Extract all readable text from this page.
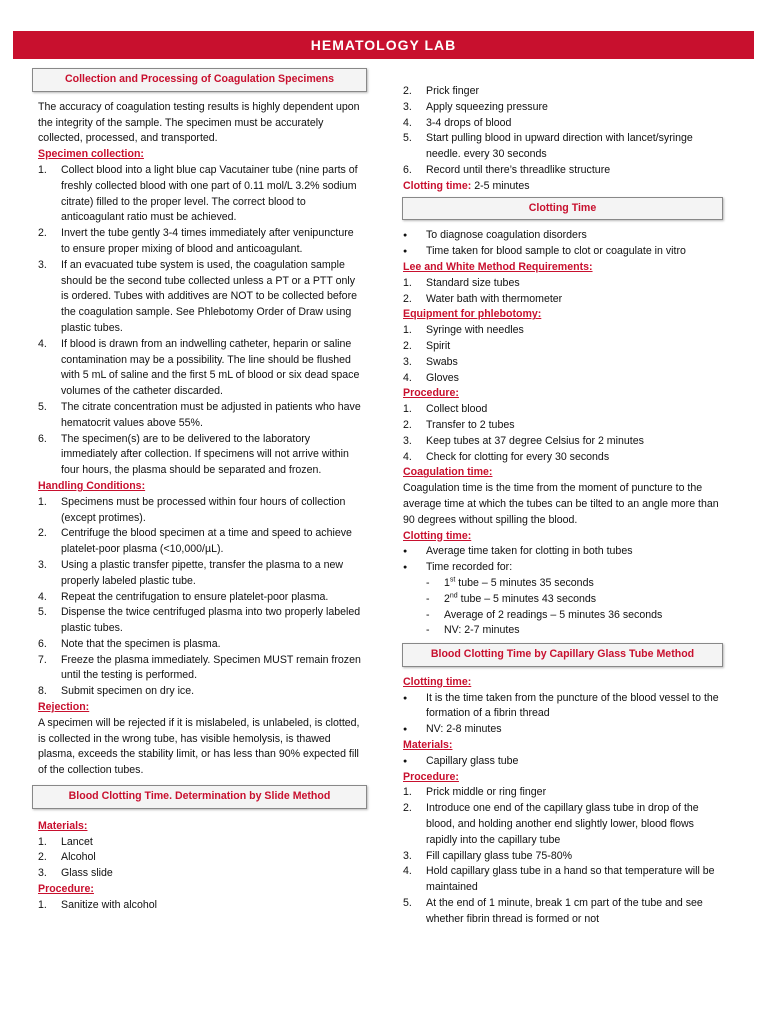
HEMATOLOGY LAB
Collection and Processing of Coagulation Specimens
The accuracy of coagulation testing results is highly dependent upon the integrity of the sample. The specimen must be accurately collected, processed, and transported.
Specimen collection:
1.	Collect blood into a light blue cap Vacutainer tube (nine parts of freshly collected blood with one part of 0.11 mol/L 3.2% sodium citrate) filled to the proper level. The correct blood to anticoagulant ratio must be achieved.
2.	Invert the tube gently 3-4 times immediately after venipuncture to ensure proper mixing of blood and anticoagulant.
3.	If an evacuated tube system is used, the coagulation sample should be the second tube collected unless a PT or a PTT only is ordered. Tubes with additives are NOT to be collected before the coagulation sample. See Phlebotomy Order of Draw using plastic tubes.
4.	If blood is drawn from an indwelling catheter, heparin or saline contamination may be a possibility. The line should be flushed with 5 mL of saline and the first 5 mL of blood or six dead space volumes of the catheter discarded.
5.	The citrate concentration must be adjusted in patients who have hematocrit values above 55%.
6.	The specimen(s) are to be delivered to the laboratory immediately after collection. If specimens will not arrive within four hours, the plasma should be separated and frozen.
Handling Conditions:
1.	Specimens must be processed within four hours of collection (except protimes).
2.	Centrifuge the blood specimen at a time and speed to achieve platelet-poor plasma (<10,000/µL).
3.	Using a plastic transfer pipette, transfer the plasma to a new properly labeled plastic tube.
4.	Repeat the centrifugation to ensure platelet-poor plasma.
5.	Dispense the twice centrifuged plasma into two properly labeled plastic tubes.
6.	Note that the specimen is plasma.
7.	Freeze the plasma immediately. Specimen MUST remain frozen until the testing is performed.
8.	Submit specimen on dry ice.
Rejection:
A specimen will be rejected if it is mislabeled, is unlabeled, is clotted, is collected in the wrong tube, has visible hemolysis, is thawed plasma, exceeds the stability limit, or has less than 90% expected fill of the collection tubes.
Blood Clotting Time. Determination by Slide Method
Materials:
1.	Lancet
2.	Alcohol
3.	Glass slide
Procedure:
1.	Sanitize with alcohol
2.	Prick finger
3.	Apply squeezing pressure
4.	3-4 drops of blood
5.	Start pulling blood in upward direction with lancet/syringe needle. every 30 seconds
6.	Record until there’s threadlike structure
Clotting time: 2-5 minutes
Clotting Time
●	To diagnose coagulation disorders
●	Time taken for blood sample to clot or coagulate in vitro
Lee and White Method Requirements:
1.	Standard size tubes
2.	Water bath with thermometer
Equipment for phlebotomy:
1.	Syringe with needles
2.	Spirit
3.	Swabs
4.	Gloves
Procedure:
1.	Collect blood
2.	Transfer to 2 tubes
3.	Keep tubes at 37 degree Celsius for 2 minutes
4.	Check for clotting for every 30 seconds
Coagulation time:
Coagulation time is the time from the moment of puncture to the average time at which the tubes can be tilted to an angle more than 90 degrees without spilling the blood.
Clotting time:
●	Average time taken for clotting in both tubes
●	Time recorded for:
-	1st tube – 5 minutes 35 seconds
-	2nd tube – 5 minutes 43 seconds
-	Average of 2 readings – 5 minutes 36 seconds
-	NV: 2-7 minutes
Blood Clotting Time by Capillary Glass Tube Method
Clotting time:
●	It is the time taken from the puncture of the blood vessel to the formation of a fibrin thread
●	NV: 2-8 minutes
Materials:
●	Capillary glass tube
Procedure:
1.	Prick middle or ring finger
2.	Introduce one end of the capillary glass tube in drop of the blood, and holding another end slightly lower, blood flows rapidly into the capillary tube
3.	Fill capillary glass tube 75-80%
4.	Hold capillary glass tube in a hand so that temperature will be maintained
5.	At the end of 1 minute, break 1 cm part of the tube and see whether fibrin thread is formed or not
